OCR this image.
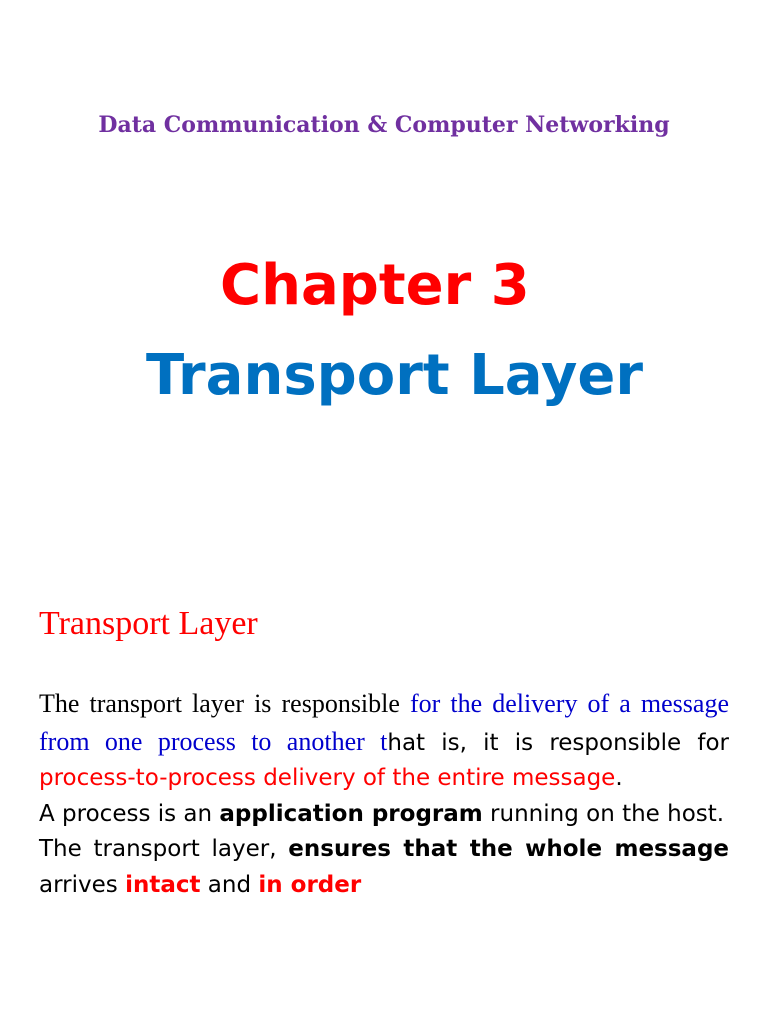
Data Communication & Computer Networking
Chapter 3
Transport Layer
Transport Layer

The transport layer is responsible for the delivery of a message from one process to another that is, it is responsible for process-to-process delivery of the entire message.

A process is an application program running on the host.

The transport layer, ensures that the whole message arrives intact and in order
